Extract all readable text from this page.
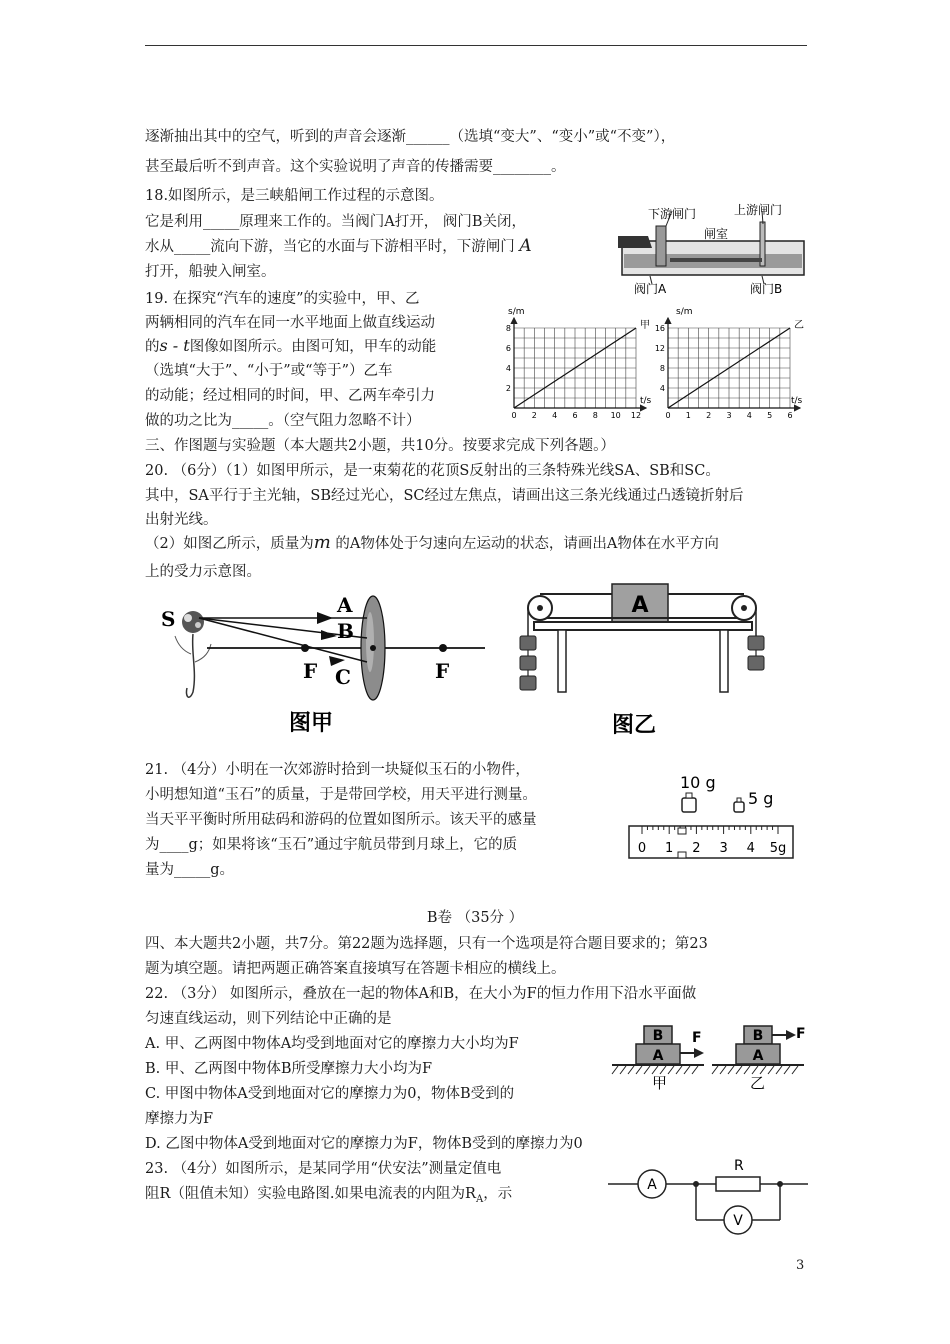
逐渐抽出其中的空气，听到的声音会逐渐______（选填“变大”、“变小”或“不变”），
甚至最后听不到声音。这个实验说明了声音的传播需要________。
18.如图所示，是三峡船闸工作过程的示意图。
它是利用_____原理来工作的。当阀门A打开， 阀门B关闭，
水从_____流向下游，当它的水面与下游相平时，下游闸门 A
打开，船驶入闸室。
19. 在探究“汽车的速度”的实验中，甲、乙
两辆相同的汽车在同一水平地面上做直线运动
的s - t图像如图所示。由图可知，甲车的动能
（选填“大于”、“小于”或“等于”）乙车
的动能；经过相同的时间，甲、乙两车牵引力
做的功之比为_____。（空气阻力忽略不计）
三、作图题与实验题（本大题共2小题，共10分。按要求完成下列各题。）
20. （6分）（1）如图甲所示，是一束菊花的花顶S反射出的三条特殊光线SA、SB和SC。
其中，SA平行于主光轴，SB经过光心，SC经过左焦点，请画出这三条光线通过凸透镜折射后
出射光线。
（2）如图乙所示，质量为m 的A物体处于匀速向左运动的状态，请画出A物体在水平方向
上的受力示意图。
21. （4分）小明在一次郊游时拾到一块疑似玉石的小物件，
小明想知道“玉石”的质量，于是带回学校，用天平进行测量。
当天平平衡时所用砝码和游码的位置如图所示。该天平的感量
为____g；如果将该“玉石”通过宇航员带到月球上，它的质
量为_____g。
B卷 （35分 ）
四、本大题共2小题，共7分。第22题为选择题，只有一个选项是符合题目要求的；第23
题为填空题。请把两题正确答案直接填写在答题卡相应的横线上。
22. （3分） 如图所示，叠放在一起的物体A和B，在大小为F的恒力作用下沿水平面做
匀速直线运动，则下列结论中正确的是
A. 甲、乙两图中物体A均受到地面对它的摩擦力大小均为F
B. 甲、乙两图中物体B所受摩擦力大小均为F
C. 甲图中物体A受到地面对它的摩擦力为0，物体B受到的
摩擦力为F
D. 乙图中物体A受到地面对它的摩擦力为F，物体B受到的摩擦力为0
23. （4分）如图所示，是某同学用“伏安法”测量定值电
阻R（阻值未知）实验电路图.如果电流表的内阻为$R_A$，示
3
下游闸门	上游闸门
闸室
阀门A	阀门B
8
6
4
2
0 2 4 6 8 10 12
16
12
8
4
0 1 2 3 4 5 6
s/m
甲
t/s
s/m
乙
t/s
S
A
B
C
F	F
图甲
A
图乙
10 g
5 g
0 1 2 3 4 5g
B
A
F
甲
B F
A
乙
A
R
V
